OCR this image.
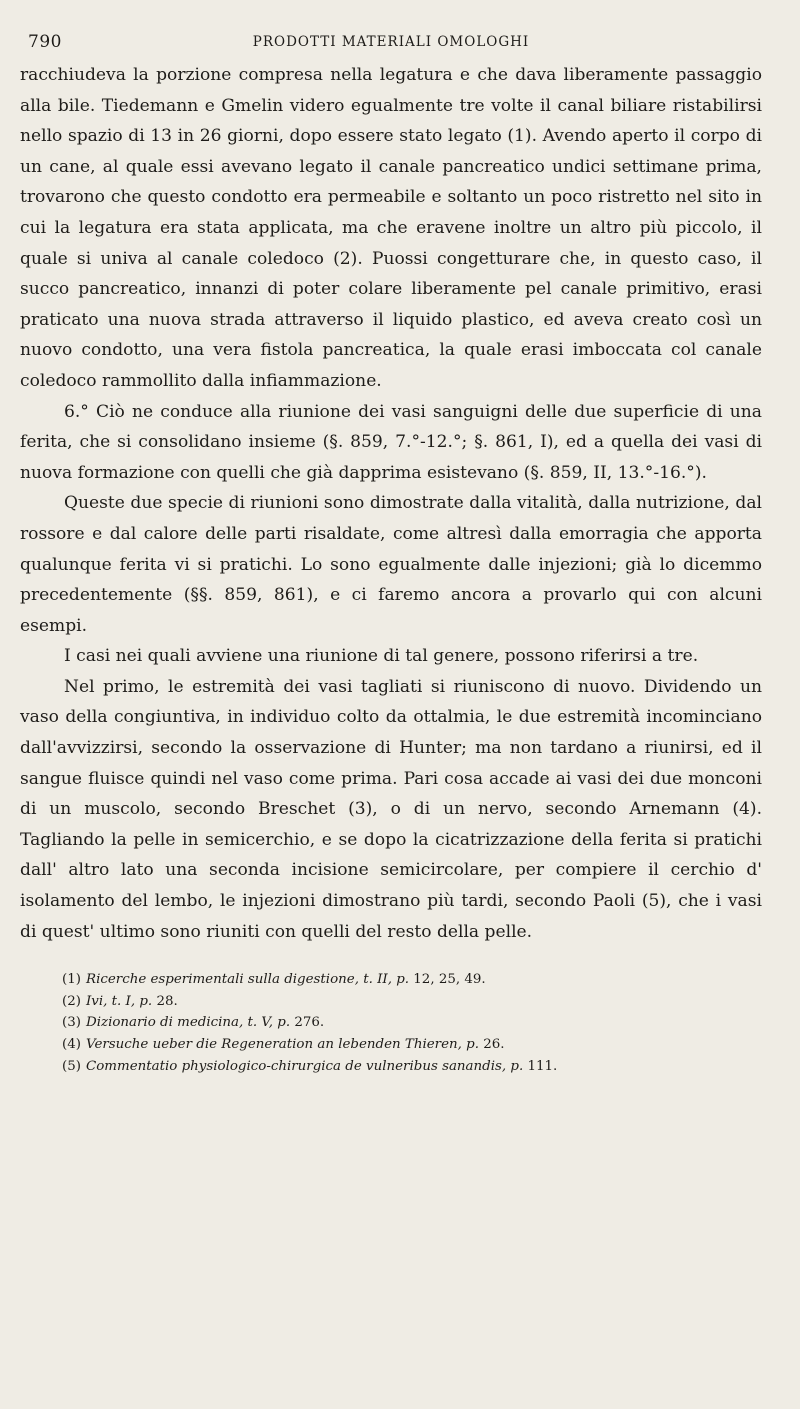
790	PRODOTTI MATERIALI OMOLOGHI

racchiudeva la porzione compresa nella legatura e che dava liberamente passaggio alla bile. Tiedemann e Gmelin videro egualmente tre volte il canal biliare ristabilirsi nello spazio di 13 in 26 giorni, dopo essere stato legato (1). Avendo aperto il corpo di un cane, al quale essi avevano legato il canale pancreatico undici settimane prima, trovarono che questo condotto era permeabile e soltanto un poco ristretto nel sito in cui la legatura era stata applicata, ma che eravene inoltre un altro più piccolo, il quale si univa al canale coledoco (2). Puossi congetturare che, in questo caso, il succo pancreatico, innanzi di poter colare liberamente pel canale primitivo, erasi praticato una nuova strada attraverso il liquido plastico, ed aveva creato così un nuovo condotto, una vera fistola pancreatica, la quale erasi imboccata col canale coledoco rammollito dalla infiammazione.

6.° Ciò ne conduce alla riunione dei vasi sanguigni delle due superficie di una ferita, che si consolidano insieme (§. 859, 7.°-12.°; §. 861, I), ed a quella dei vasi di nuova formazione con quelli che già dapprima esistevano (§. 859, II, 13.°-16.°).

Queste due specie di riunioni sono dimostrate dalla vitalità, dalla nutrizione, dal rossore e dal calore delle parti risaldate, come altresì dalla emorragia che apporta qualunque ferita vi si pratichi. Lo sono egualmente dalle injezioni; già lo dicemmo precedentemente (§§. 859, 861), e ci faremo ancora a provarlo qui con alcuni esempi.

I casi nei quali avviene una riunione di tal genere, possono riferirsi a tre.

Nel primo, le estremità dei vasi tagliati si riuniscono di nuovo. Dividendo un vaso della congiuntiva, in individuo colto da ottalmia, le due estremità incominciano dall'avvizzirsi, secondo la osservazione di Hunter; ma non tardano a riunirsi, ed il sangue fluisce quindi nel vaso come prima. Pari cosa accade ai vasi dei due monconi di un muscolo, secondo Breschet (3), o di un nervo, secondo Arnemann (4). Tagliando la pelle in semicerchio, e se dopo la cicatrizzazione della ferita si pratichi dall' altro lato una seconda incisione semicircolare, per compiere il cerchio d' isolamento del lembo, le injezioni dimostrano più tardi, secondo Paoli (5), che i vasi di quest' ultimo sono riuniti con quelli del resto della pelle.

(1) Ricerche esperimentali sulla digestione, t. II, p. 12, 25, 49.

(2) Ivi, t. I, p. 28.

(3) Dizionario di medicina, t. V, p. 276.

(4) Versuche ueber die Regeneration an lebenden Thieren, p. 26.

(5) Commentatio physiologico-chirurgica de vulneribus sanandis, p. 111.
